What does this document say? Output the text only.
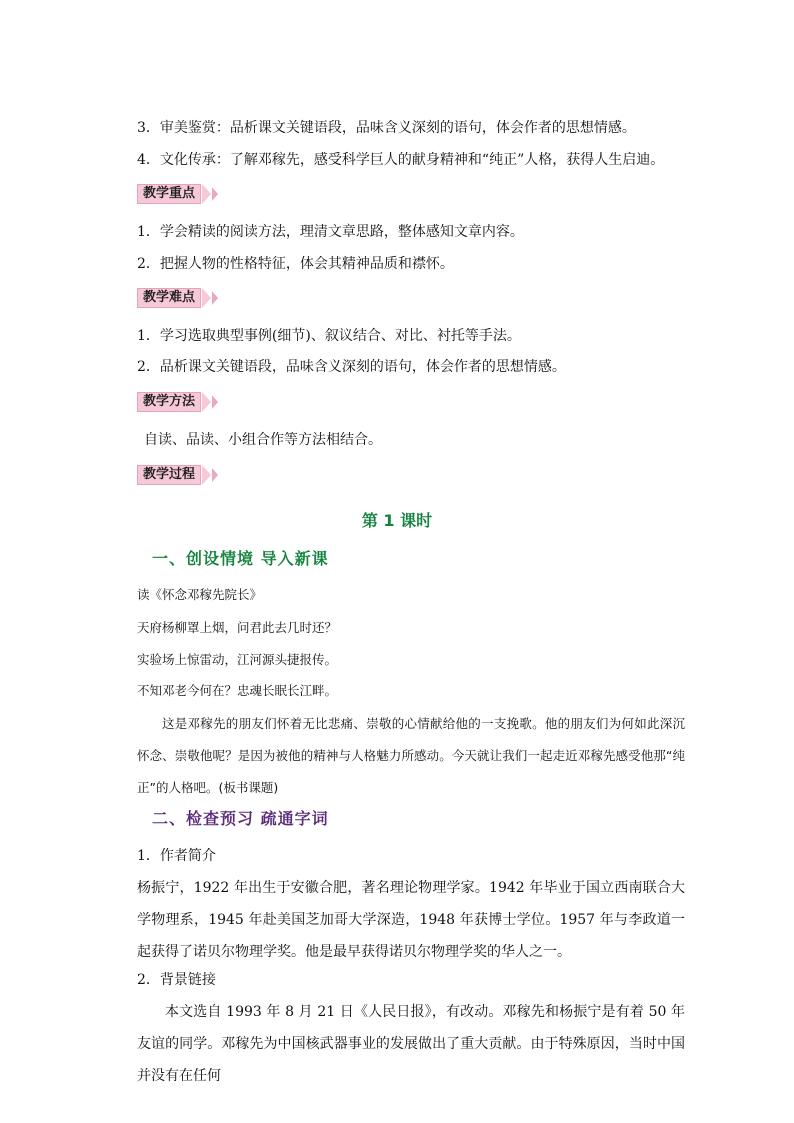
3．审美鉴赏：品析课文关键语段，品味含义深刻的语句，体会作者的思想情感。
4．文化传承：了解邓稼先，感受科学巨人的献身精神和“纯正”人格，获得人生启迪。
教学重点
1．学会精读的阅读方法，理清文章思路，整体感知文章内容。
2．把握人物的性格特征，体会其精神品质和襟怀。
教学难点
1．学习选取典型事例(细节)、叙议结合、对比、衬托等手法。
2．品析课文关键语段，品味含义深刻的语句，体会作者的思想情感。
教学方法
自读、品读、小组合作等方法相结合。
教学过程
第 1 课时
一、创设情境 导入新课
读《怀念邓稼先院长》
天府杨柳罩上烟，问君此去几时还？
实验场上惊雷动，江河源头捷报传。
不知邓老今何在？忠魂长眠长江畔。
这是邓稼先的朋友们怀着无比悲痛、崇敬的心情献给他的一支挽歌。他的朋友们为何如此深沉怀念、崇敬他呢？是因为被他的精神与人格魅力所感动。今天就让我们一起走近邓稼先感受他那“纯正”的人格吧。(板书课题)
二、检查预习 疏通字词
1．作者简介
杨振宁，1922 年出生于安徽合肥，著名理论物理学家。1942 年毕业于国立西南联合大学物理系，1945 年赴美国芝加哥大学深造，1948 年获博士学位。1957 年与李政道一起获得了诺贝尔物理学奖。他是最早获得诺贝尔物理学奖的华人之一。
2．背景链接
本文选自 1993 年 8 月 21 日《人民日报》，有改动。邓稼先和杨振宁是有着 50 年友谊的同学。邓稼先为中国核武器事业的发展做出了重大贡献。由于特殊原因，当时中国并没有在任何
